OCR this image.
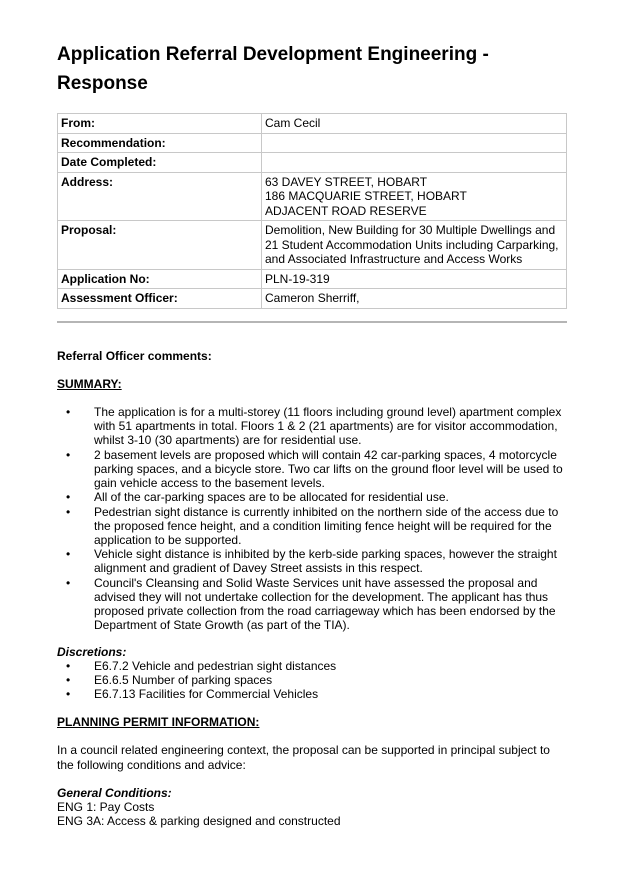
Application Referral Development Engineering - Response
From:	Cam Cecil
Recommendation:	
Date Completed:	
Address:	63 DAVEY STREET, HOBART
186 MACQUARIE STREET, HOBART
ADJACENT ROAD RESERVE
Proposal:	Demolition, New Building for 30 Multiple Dwellings and 21 Student Accommodation Units including Carparking, and Associated Infrastructure and Access Works
Application No:	PLN-19-319
Assessment Officer:	Cameron Sherriff,
Referral Officer comments:
SUMMARY:
• The application is for a multi-storey (11 floors including ground level) apartment complex with 51 apartments in total. Floors 1 & 2 (21 apartments) are for visitor accommodation, whilst 3-10 (30 apartments) are for residential use.
• 2 basement levels are proposed which will contain 42 car-parking spaces, 4 motorcycle parking spaces, and a bicycle store. Two car lifts on the ground floor level will be used to gain vehicle access to the basement levels.
• All of the car-parking spaces are to be allocated for residential use.
• Pedestrian sight distance is currently inhibited on the northern side of the access due to the proposed fence height, and a condition limiting fence height will be required for the application to be supported.
• Vehicle sight distance is inhibited by the kerb-side parking spaces, however the straight alignment and gradient of Davey Street assists in this respect.
• Council's Cleansing and Solid Waste Services unit have assessed the proposal and advised they will not undertake collection for the development. The applicant has thus proposed private collection from the road carriageway which has been endorsed by the Department of State Growth (as part of the TIA).
Discretions:
• E6.7.2 Vehicle and pedestrian sight distances
• E6.6.5 Number of parking spaces
• E6.7.13 Facilities for Commercial Vehicles
PLANNING PERMIT INFORMATION:
In a council related engineering context, the proposal can be supported in principal subject to the following conditions and advice:
General Conditions:
ENG 1: Pay Costs
ENG 3A: Access & parking designed and constructed
